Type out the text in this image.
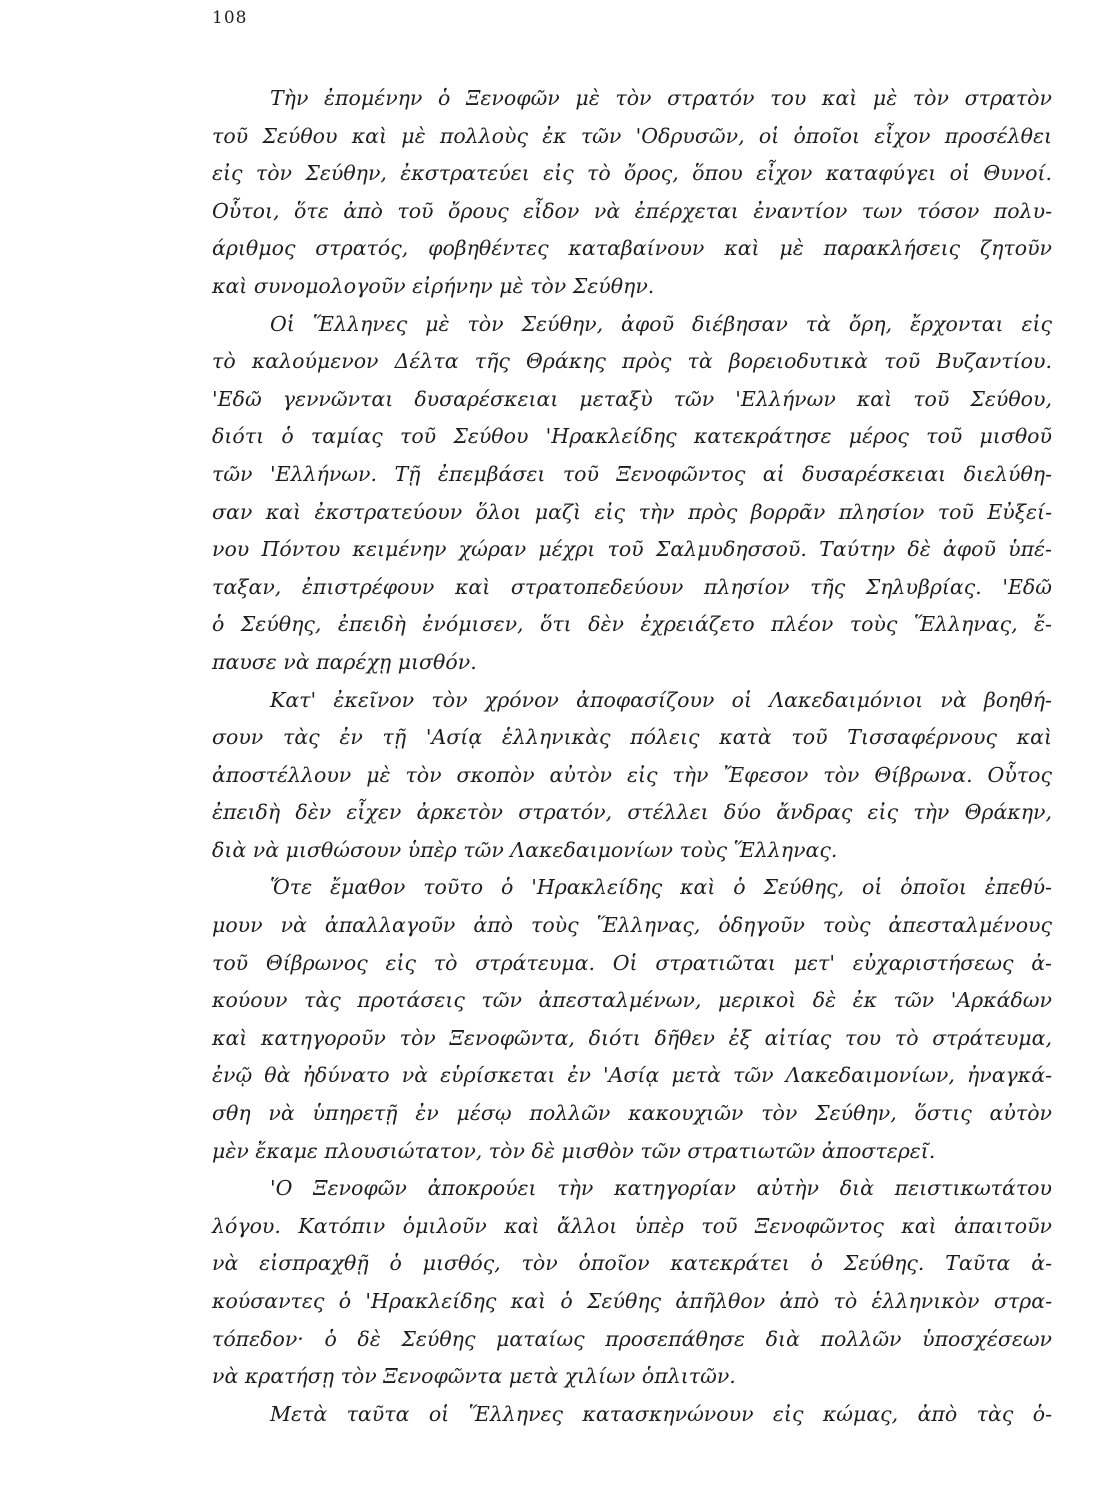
108
Τὴν ἐπομένην ὁ Ξενοφῶν μὲ τὸν στρατόν του καὶ μὲ τὸν στρατὸν
τοῦ Σεύθου καὶ μὲ πολλοὺς ἐκ τῶν 'Οδρυσῶν, οἱ ὁποῖοι εἶχον προσέλθει
εἰς τὸν Σεύθην, ἐκστρατεύει εἰς τὸ ὄρος, ὅπου εἶχον καταφύγει οἱ Θυνοί.
Οὗτοι, ὅτε ἀπὸ τοῦ ὄρους εἶδον νὰ ἐπέρχεται ἐναντίον των τόσον πολυ-
άριθμος στρατός, φοβηθέντες καταβαίνουν καὶ μὲ παρακλήσεις ζητοῦν
καὶ συνομολογοῦν εἰρήνην μὲ τὸν Σεύθην.
Οἱ Ἕλληνες μὲ τὸν Σεύθην, ἀφοῦ διέβησαν τὰ ὄρη, ἔρχονται εἰς
τὸ καλούμενον Δέλτα τῆς Θράκης πρὸς τὰ βορειοδυτικὰ τοῦ Βυζαντίου.
'Εδῶ γεννῶνται δυσαρέσκειαι μεταξὺ τῶν 'Ελλήνων καὶ τοῦ Σεύθου,
διότι ὁ ταμίας τοῦ Σεύθου 'Ηρακλείδης κατεκράτησε μέρος τοῦ μισθοῦ
τῶν 'Ελλήνων. Τῇ ἐπεμβάσει τοῦ Ξενοφῶντος αἱ δυσαρέσκειαι διελύθη-
σαν καὶ ἐκστρατεύουν ὅλοι μαζὶ εἰς τὴν πρὸς βορρᾶν πλησίον τοῦ Εὐξεί-
νου Πόντου κειμένην χώραν μέχρι τοῦ Σαλμυδησσοῦ. Ταύτην δὲ ἀφοῦ ὑπέ-
ταξαν, ἐπιστρέφουν καὶ στρατοπεδεύουν πλησίον τῆς Σηλυβρίας. 'Εδῶ
ὁ Σεύθης, ἐπειδὴ ἐνόμισεν, ὅτι δὲν ἐχρειάζετο πλέον τοὺς Ἕλληνας, ἔ-
παυσε νὰ παρέχῃ μισθόν.
Κατ' ἐκεῖνον τὸν χρόνον ἀποφασίζουν οἱ Λακεδαιμόνιοι νὰ βοηθή-
σουν τὰς ἐν τῇ 'Ασίᾳ ἑλληνικὰς πόλεις κατὰ τοῦ Τισσαφέρνους καὶ
ἀποστέλλουν μὲ τὸν σκοπὸν αὐτὸν εἰς τὴν Ἔφεσον τὸν Θίβρωνα. Οὗτος
ἐπειδὴ δὲν εἶχεν ἀρκετὸν στρατόν, στέλλει δύο ἄνδρας εἰς τὴν Θράκην,
διὰ νὰ μισθώσουν ὑπὲρ τῶν Λακεδαιμονίων τοὺς Ἕλληνας.
Ὅτε ἔμαθον τοῦτο ὁ 'Ηρακλείδης καὶ ὁ Σεύθης, οἱ ὁποῖοι ἐπεθύ-
μουν νὰ ἀπαλλαγοῦν ἀπὸ τοὺς Ἕλληνας, ὁδηγοῦν τοὺς ἀπεσταλμένους
τοῦ Θίβρωνος εἰς τὸ στράτευμα. Οἱ στρατιῶται μετ' εὐχαριστήσεως ἀ-
κούουν τὰς προτάσεις τῶν ἀπεσταλμένων, μερικοὶ δὲ ἐκ τῶν 'Αρκάδων
καὶ κατηγοροῦν τὸν Ξενοφῶντα, διότι δῆθεν ἐξ αἰτίας του τὸ στράτευμα,
ἐνῷ θὰ ἠδύνατο νὰ εὑρίσκεται ἐν 'Ασίᾳ μετὰ τῶν Λακεδαιμονίων, ἠναγκά-
σθη νὰ ὑπηρετῇ ἐν μέσῳ πολλῶν κακουχιῶν τὸν Σεύθην, ὅστις αὐτὸν
μὲν ἔκαμε πλουσιώτατον, τὸν δὲ μισθὸν τῶν στρατιωτῶν ἀποστερεῖ.
'Ο Ξενοφῶν ἀποκρούει τὴν κατηγορίαν αὐτὴν διὰ πειστικωτάτου
λόγου. Κατόπιν ὁμιλοῦν καὶ ἄλλοι ὑπὲρ τοῦ Ξενοφῶντος καὶ ἀπαιτοῦν
νὰ εἰσπραχθῇ ὁ μισθός, τὸν ὁποῖον κατεκράτει ὁ Σεύθης. Ταῦτα ἀ-
κούσαντες ὁ 'Ηρακλείδης καὶ ὁ Σεύθης ἀπῆλθον ἀπὸ τὸ ἑλληνικὸν στρα-
τόπεδον· ὁ δὲ Σεύθης ματαίως προσεπάθησε διὰ πολλῶν ὑποσχέσεων
νὰ κρατήσῃ τὸν Ξενοφῶντα μετὰ χιλίων ὁπλιτῶν.
Μετὰ ταῦτα οἱ Ἕλληνες κατασκηνώνουν εἰς κώμας, ἀπὸ τὰς ὁ-
